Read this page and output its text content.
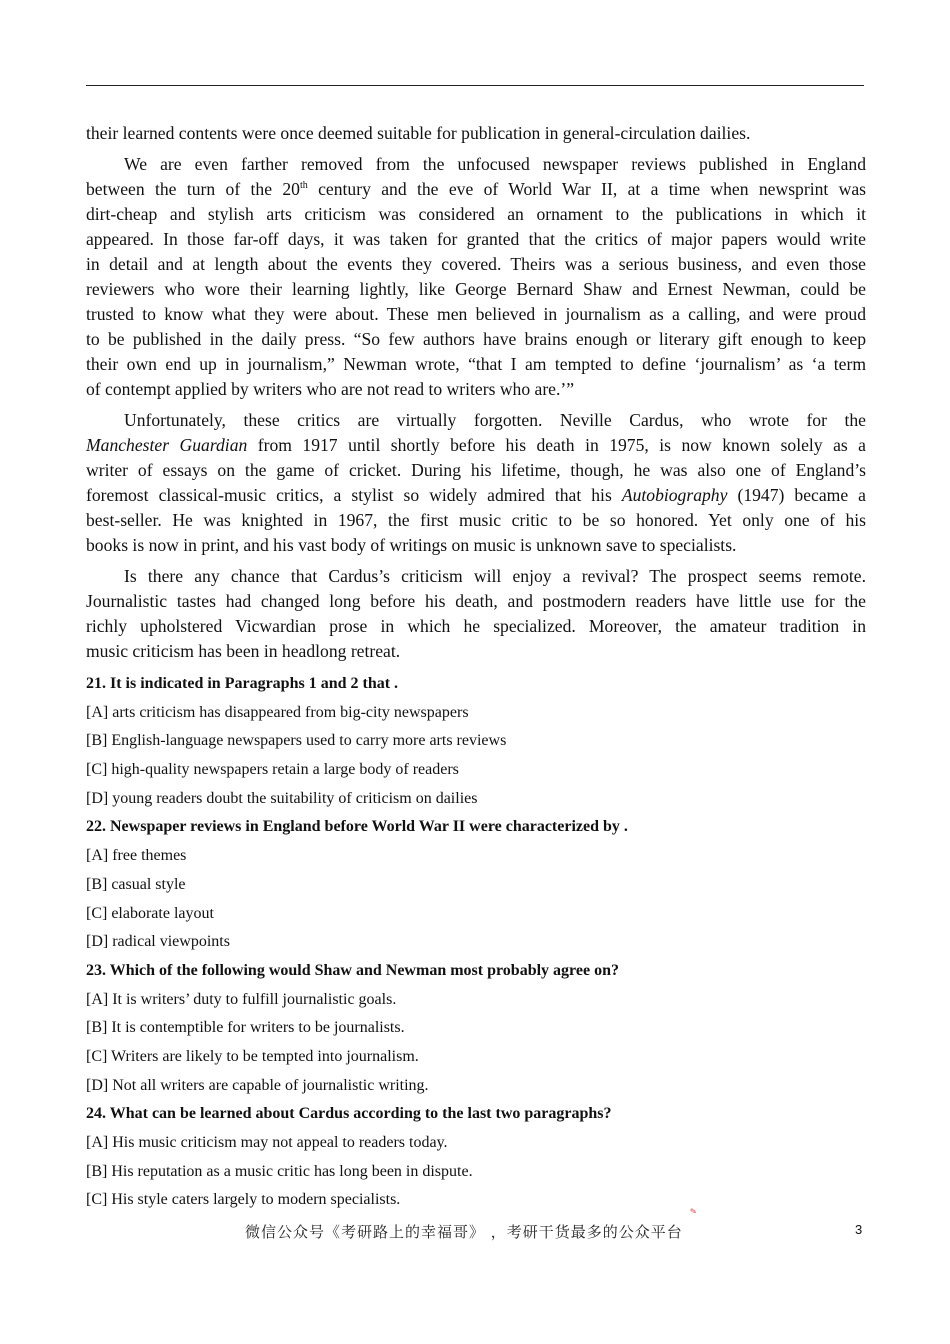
their learned contents were once deemed suitable for publication in general-circulation dailies.
We are even farther removed from the unfocused newspaper reviews published in England
between the turn of the 20th century and the eve of World War II, at a time when newsprint was
dirt-cheap and stylish arts criticism was considered an ornament to the publications in which it
appeared. In those far-off days, it was taken for granted that the critics of major papers would write
in detail and at length about the events they covered. Theirs was a serious business, and even those
reviewers who wore their learning lightly, like George Bernard Shaw and Ernest Newman, could be
trusted to know what they were about. These men believed in journalism as a calling, and were proud
to be published in the daily press. “So few authors have brains enough or literary gift enough to keep
their own end up in journalism,” Newman wrote, “that I am tempted to define ‘journalism’ as ‘a term
of contempt applied by writers who are not read to writers who are.’”
Unfortunately, these critics are virtually forgotten. Neville Cardus, who wrote for the
Manchester Guardian from 1917 until shortly before his death in 1975, is now known solely as a
writer of essays on the game of cricket. During his lifetime, though, he was also one of England’s
foremost classical-music critics, a stylist so widely admired that his Autobiography (1947) became a
best-seller. He was knighted in 1967, the first music critic to be so honored. Yet only one of his
books is now in print, and his vast body of writings on music is unknown save to specialists.
Is there any chance that Cardus’s criticism will enjoy a revival? The prospect seems remote.
Journalistic tastes had changed long before his death, and postmodern readers have little use for the
richly upholstered Vicwardian prose in which he specialized. Moreover, the amateur tradition in
music criticism has been in headlong retreat.
21. It is indicated in Paragraphs 1 and 2 that .
[A] arts criticism has disappeared from big-city newspapers
[B] English-language newspapers used to carry more arts reviews
[C] high-quality newspapers retain a large body of readers
[D] young readers doubt the suitability of criticism on dailies
22. Newspaper reviews in England before World War II were characterized by .
[A] free themes
[B] casual style
[C] elaborate layout
[D] radical viewpoints
23. Which of the following would Shaw and Newman most probably agree on?
[A] It is writers’ duty to fulfill journalistic goals.
[B] It is contemptible for writers to be journalists.
[C] Writers are likely to be tempted into journalism.
[D] Not all writers are capable of journalistic writing.
24. What can be learned about Cardus according to the last two paragraphs?
[A] His music criticism may not appeal to readers today.
[B] His reputation as a music critic has long been in dispute.
[C] His style caters largely to modern specialists.
✎
微信公众号《考研路上的幸福哥》 ，考研干货最多的公众平台	3
